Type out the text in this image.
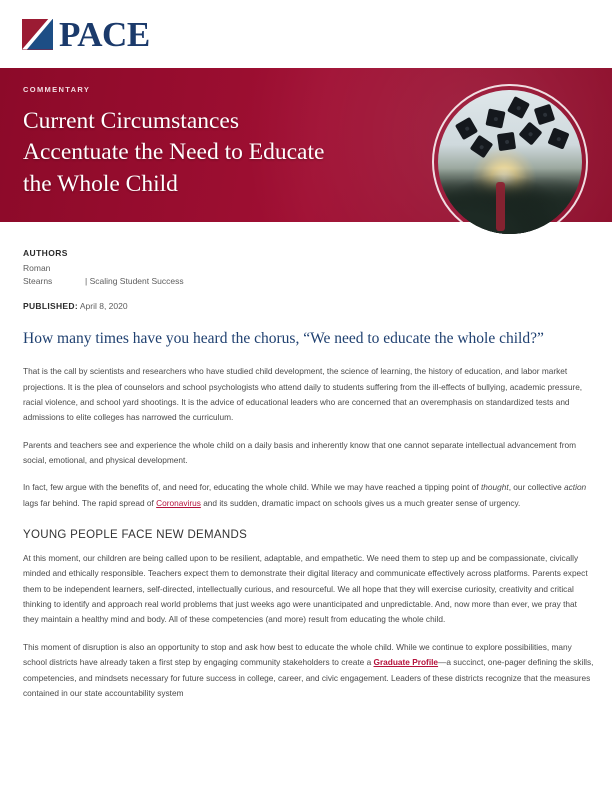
PACE
COMMENTARY
Current Circumstances
Accentuate the Need to Educate
the Whole Child
AUTHORS
Roman
Stearns	| Scaling Student Success
PUBLISHED: April 8, 2020
How many times have you heard the chorus, “We need to educate the whole child?”

That is the call by scientists and researchers who have studied child development, the science of learning, the history of education, and labor market projections. It is the plea of counselors and school psychologists who attend daily to students suffering from the ill-effects of bullying, academic pressure, racial violence, and school yard shootings. It is the advice of educational leaders who are concerned that an overemphasis on standardized tests and admissions to elite colleges has narrowed the curriculum.

Parents and teachers see and experience the whole child on a daily basis and inherently know that one cannot separate intellectual advancement from social, emotional, and physical development.

In fact, few argue with the benefits of, and need for, educating the whole child. While we may have reached a tipping point of thought, our collective action lags far behind. The rapid spread of Coronavirus and its sudden, dramatic impact on schools gives us a much greater sense of urgency.

YOUNG PEOPLE FACE NEW DEMANDS

At this moment, our children are being called upon to be resilient, adaptable, and empathetic. We need them to step up and be compassionate, civically minded and ethically responsible. Teachers expect them to demonstrate their digital literacy and communicate effectively across platforms. Parents expect them to be independent learners, self-directed, intellectually curious, and resourceful. We all hope that they will exercise curiosity, creativity and critical thinking to identify and approach real world problems that just weeks ago were unanticipated and unpredictable. And, now more than ever, we pray that they maintain a healthy mind and body. All of these competencies (and more) result from educating the whole child.

This moment of disruption is also an opportunity to stop and ask how best to educate the whole child. While we continue to explore possibilities, many school districts have already taken a first step by engaging community stakeholders to create a Graduate Profile—a succinct, one-pager defining the skills, competencies, and mindsets necessary for future success in college, career, and civic engagement. Leaders of these districts recognize that the measures contained in our state accountability system
